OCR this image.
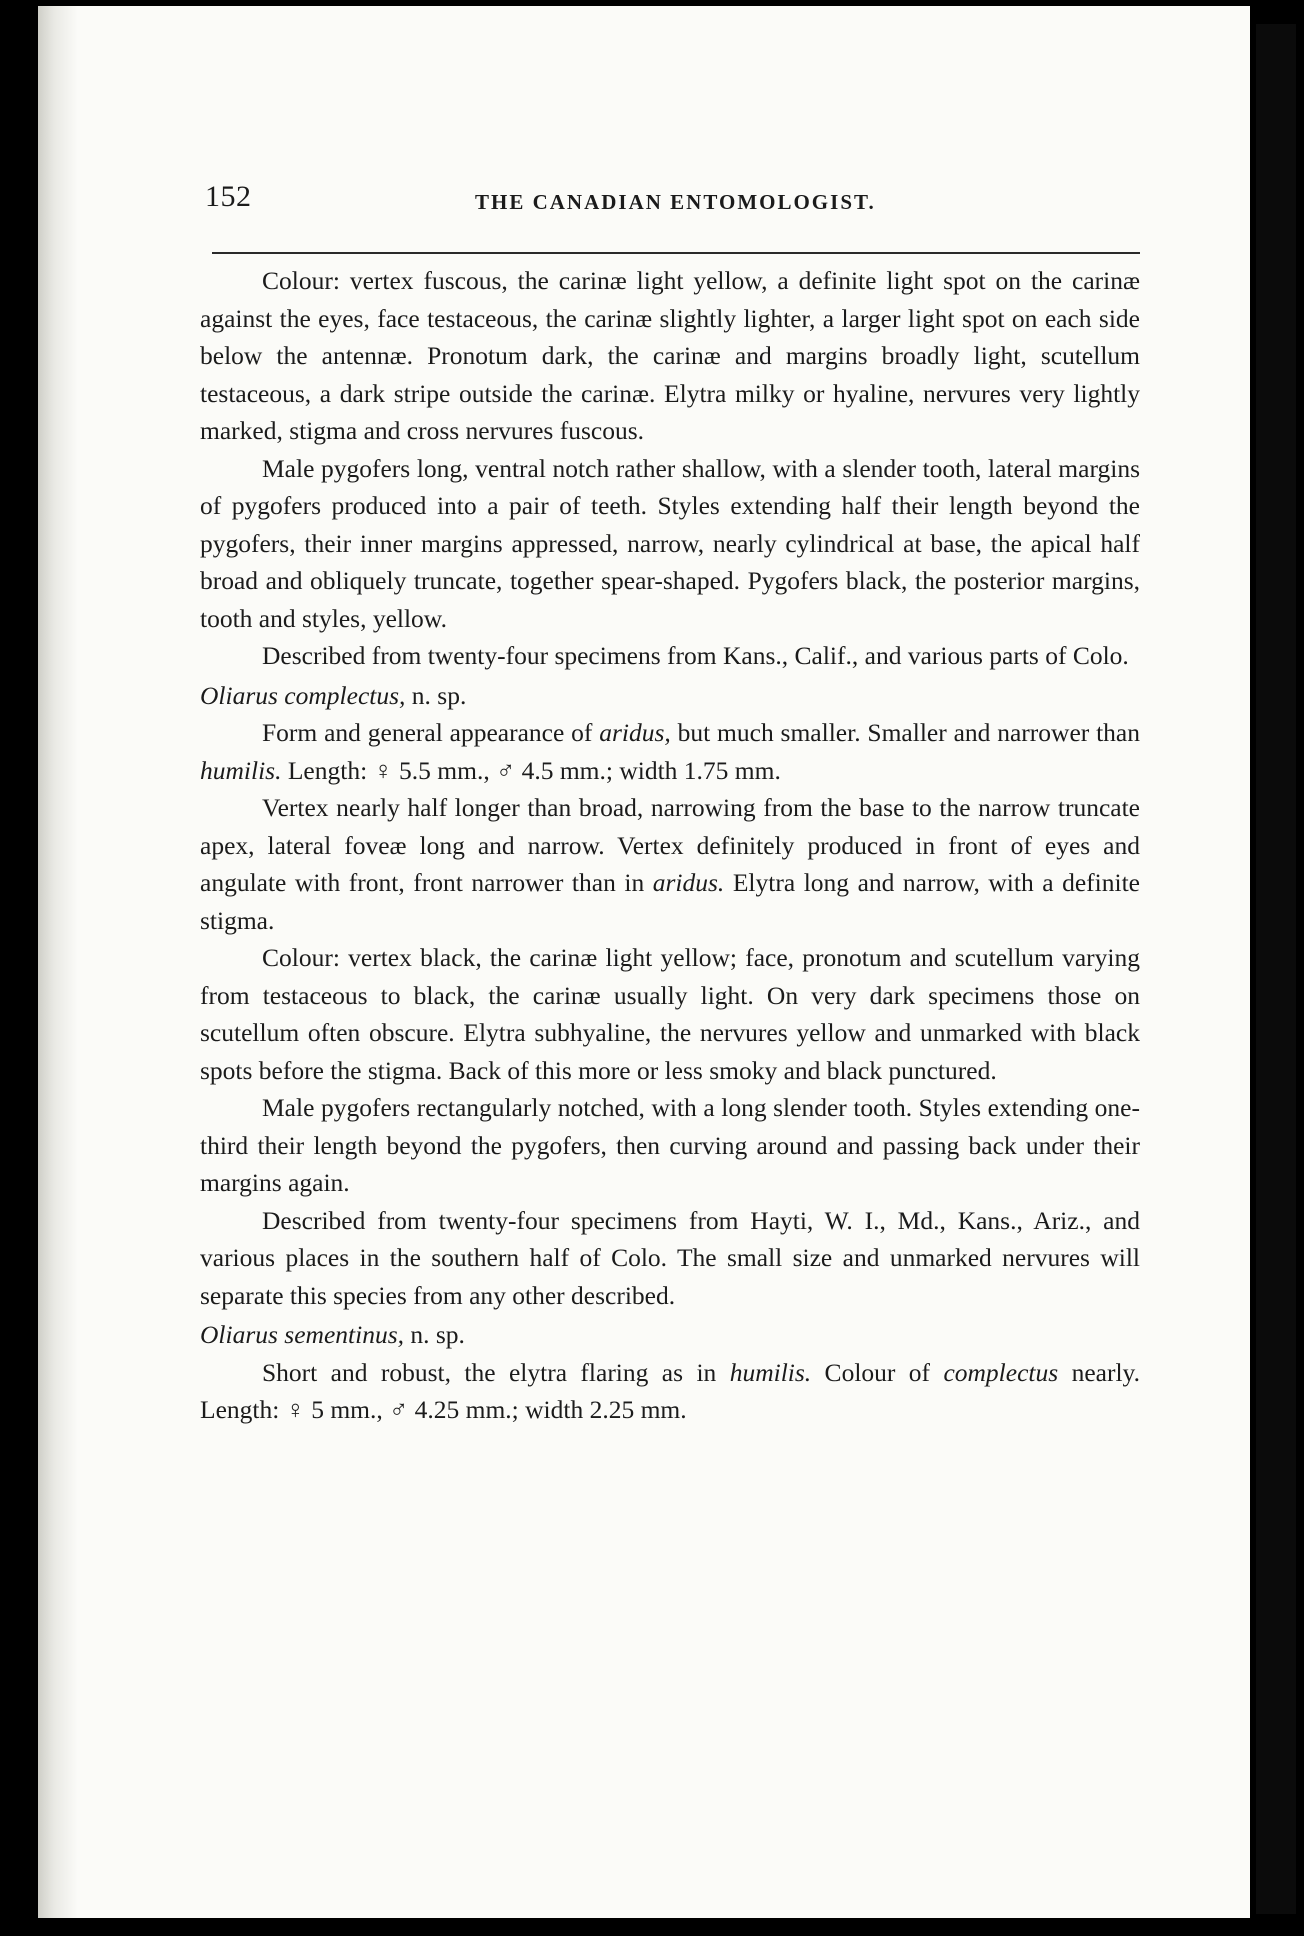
152	THE CANADIAN ENTOMOLOGIST.

Colour: vertex fuscous, the carinæ light yellow, a definite light spot on the carinæ against the eyes, face testaceous, the carinæ slightly lighter, a larger light spot on each side below the antennæ. Pronotum dark, the carinæ and margins broadly light, scutellum testaceous, a dark stripe outside the carinæ. Elytra milky or hyaline, nervures very lightly marked, stigma and cross nervures fuscous.

Male pygofers long, ventral notch rather shallow, with a slender tooth, lateral margins of pygofers produced into a pair of teeth. Styles extending half their length beyond the pygofers, their inner margins appressed, narrow, nearly cylindrical at base, the apical half broad and obliquely truncate, together spear-shaped. Pygofers black, the posterior margins, tooth and styles, yellow.

Described from twenty-four specimens from Kans., Calif., and various parts of Colo.

Oliarus complectus, n. sp.

Form and general appearance of aridus, but much smaller. Smaller and narrower than humilis. Length: ♀ 5.5 mm., ♂ 4.5 mm.; width 1.75 mm.

Vertex nearly half longer than broad, narrowing from the base to the narrow truncate apex, lateral foveæ long and narrow. Vertex definitely produced in front of eyes and angulate with front, front narrower than in aridus. Elytra long and narrow, with a definite stigma.

Colour: vertex black, the carinæ light yellow; face, pronotum and scutellum varying from testaceous to black, the carinæ usually light. On very dark specimens those on scutellum often obscure. Elytra subhyaline, the nervures yellow and unmarked with black spots before the stigma. Back of this more or less smoky and black punctured.

Male pygofers rectangularly notched, with a long slender tooth. Styles extending one-third their length beyond the pygofers, then curving around and passing back under their margins again.

Described from twenty-four specimens from Hayti, W. I., Md., Kans., Ariz., and various places in the southern half of Colo. The small size and unmarked nervures will separate this species from any other described.

Oliarus sementinus, n. sp.

Short and robust, the elytra flaring as in humilis. Colour of complectus nearly. Length: ♀ 5 mm., ♂ 4.25 mm.; width 2.25 mm.
